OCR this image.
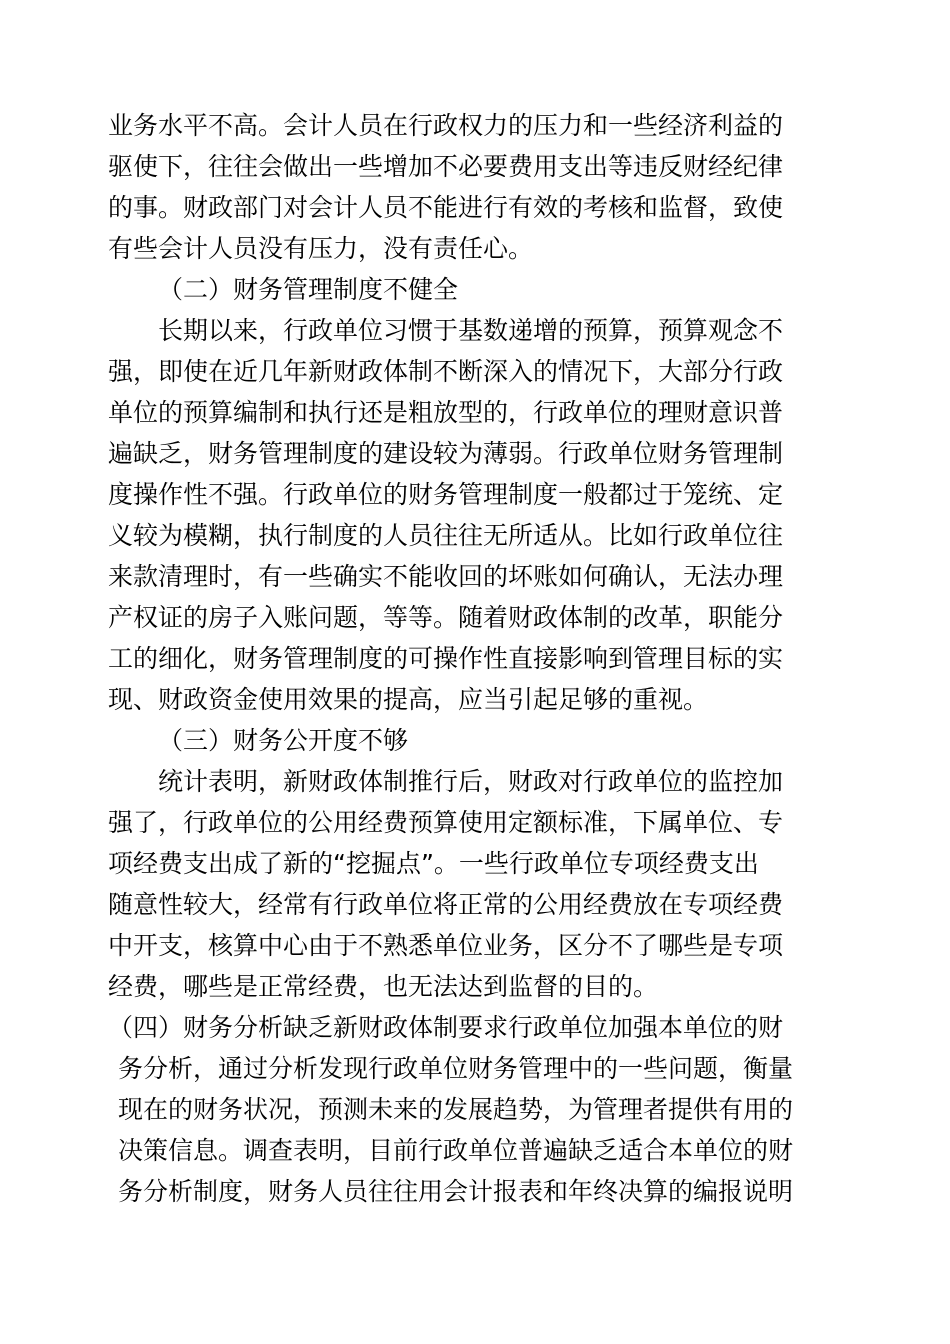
业务水平不高。会计人员在行政权力的压力和一些经济利益的
驱使下，往往会做出一些增加不必要费用支出等违反财经纪律
的事。财政部门对会计人员不能进行有效的考核和监督，致使
有些会计人员没有压力，没有责任心。
（二）财务管理制度不健全
长期以来，行政单位习惯于基数递增的预算，预算观念不
强，即使在近几年新财政体制不断深入的情况下，大部分行政
单位的预算编制和执行还是粗放型的，行政单位的理财意识普
遍缺乏，财务管理制度的建设较为薄弱。行政单位财务管理制
度操作性不强。行政单位的财务管理制度一般都过于笼统、定
义较为模糊，执行制度的人员往往无所适从。比如行政单位往
来款清理时，有一些确实不能收回的坏账如何确认，无法办理
产权证的房子入账问题，等等。随着财政体制的改革，职能分
工的细化，财务管理制度的可操作性直接影响到管理目标的实
现、财政资金使用效果的提高，应当引起足够的重视。
（三）财务公开度不够
统计表明，新财政体制推行后，财政对行政单位的监控加
强了，行政单位的公用经费预算使用定额标准，下属单位、专
项经费支出成了新的“挖掘点”。一些行政单位专项经费支出
随意性较大，经常有行政单位将正常的公用经费放在专项经费
中开支，核算中心由于不熟悉单位业务，区分不了哪些是专项
经费，哪些是正常经费，也无法达到监督的目的。
（四）财务分析缺乏新财政体制要求行政单位加强本单位的财
务分析，通过分析发现行政单位财务管理中的一些问题，衡量
现在的财务状况，预测未来的发展趋势，为管理者提供有用的
决策信息。调查表明，目前行政单位普遍缺乏适合本单位的财
务分析制度，财务人员往往用会计报表和年终决算的编报说明
